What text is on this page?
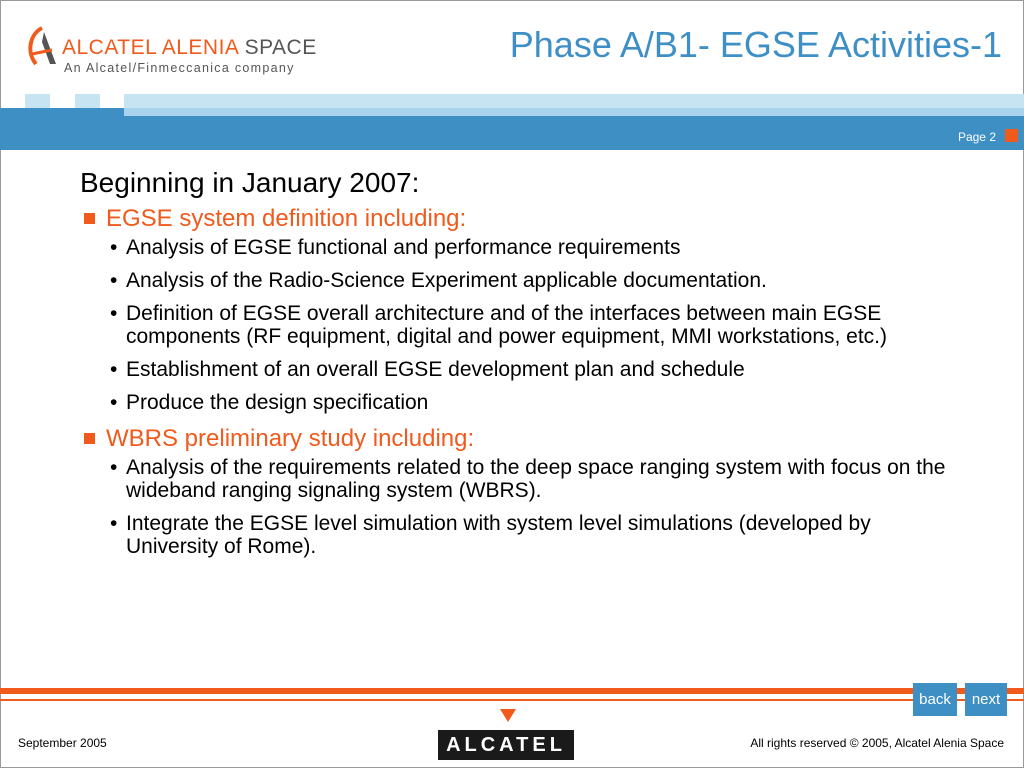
ALCATEL ALENIA SPACE
An Alcatel/Finmeccanica company
Phase A/B1- EGSE Activities-1
Page 2
Beginning in January 2007:
EGSE system definition including:
• Analysis of EGSE functional and performance requirements
• Analysis of the Radio-Science Experiment applicable documentation.
• Definition of EGSE overall architecture and of the interfaces between main EGSE components (RF equipment, digital and power equipment, MMI workstations, etc.)
• Establishment of an overall EGSE development plan and schedule
• Produce the design specification
WBRS preliminary study including:
• Analysis of the requirements related to the deep space ranging system with focus on the wideband ranging signaling system (WBRS).
• Integrate the EGSE level simulation with system level simulations (developed by University of Rome).
back	next
September 2005	ALCATEL	All rights reserved © 2005, Alcatel Alenia Space
